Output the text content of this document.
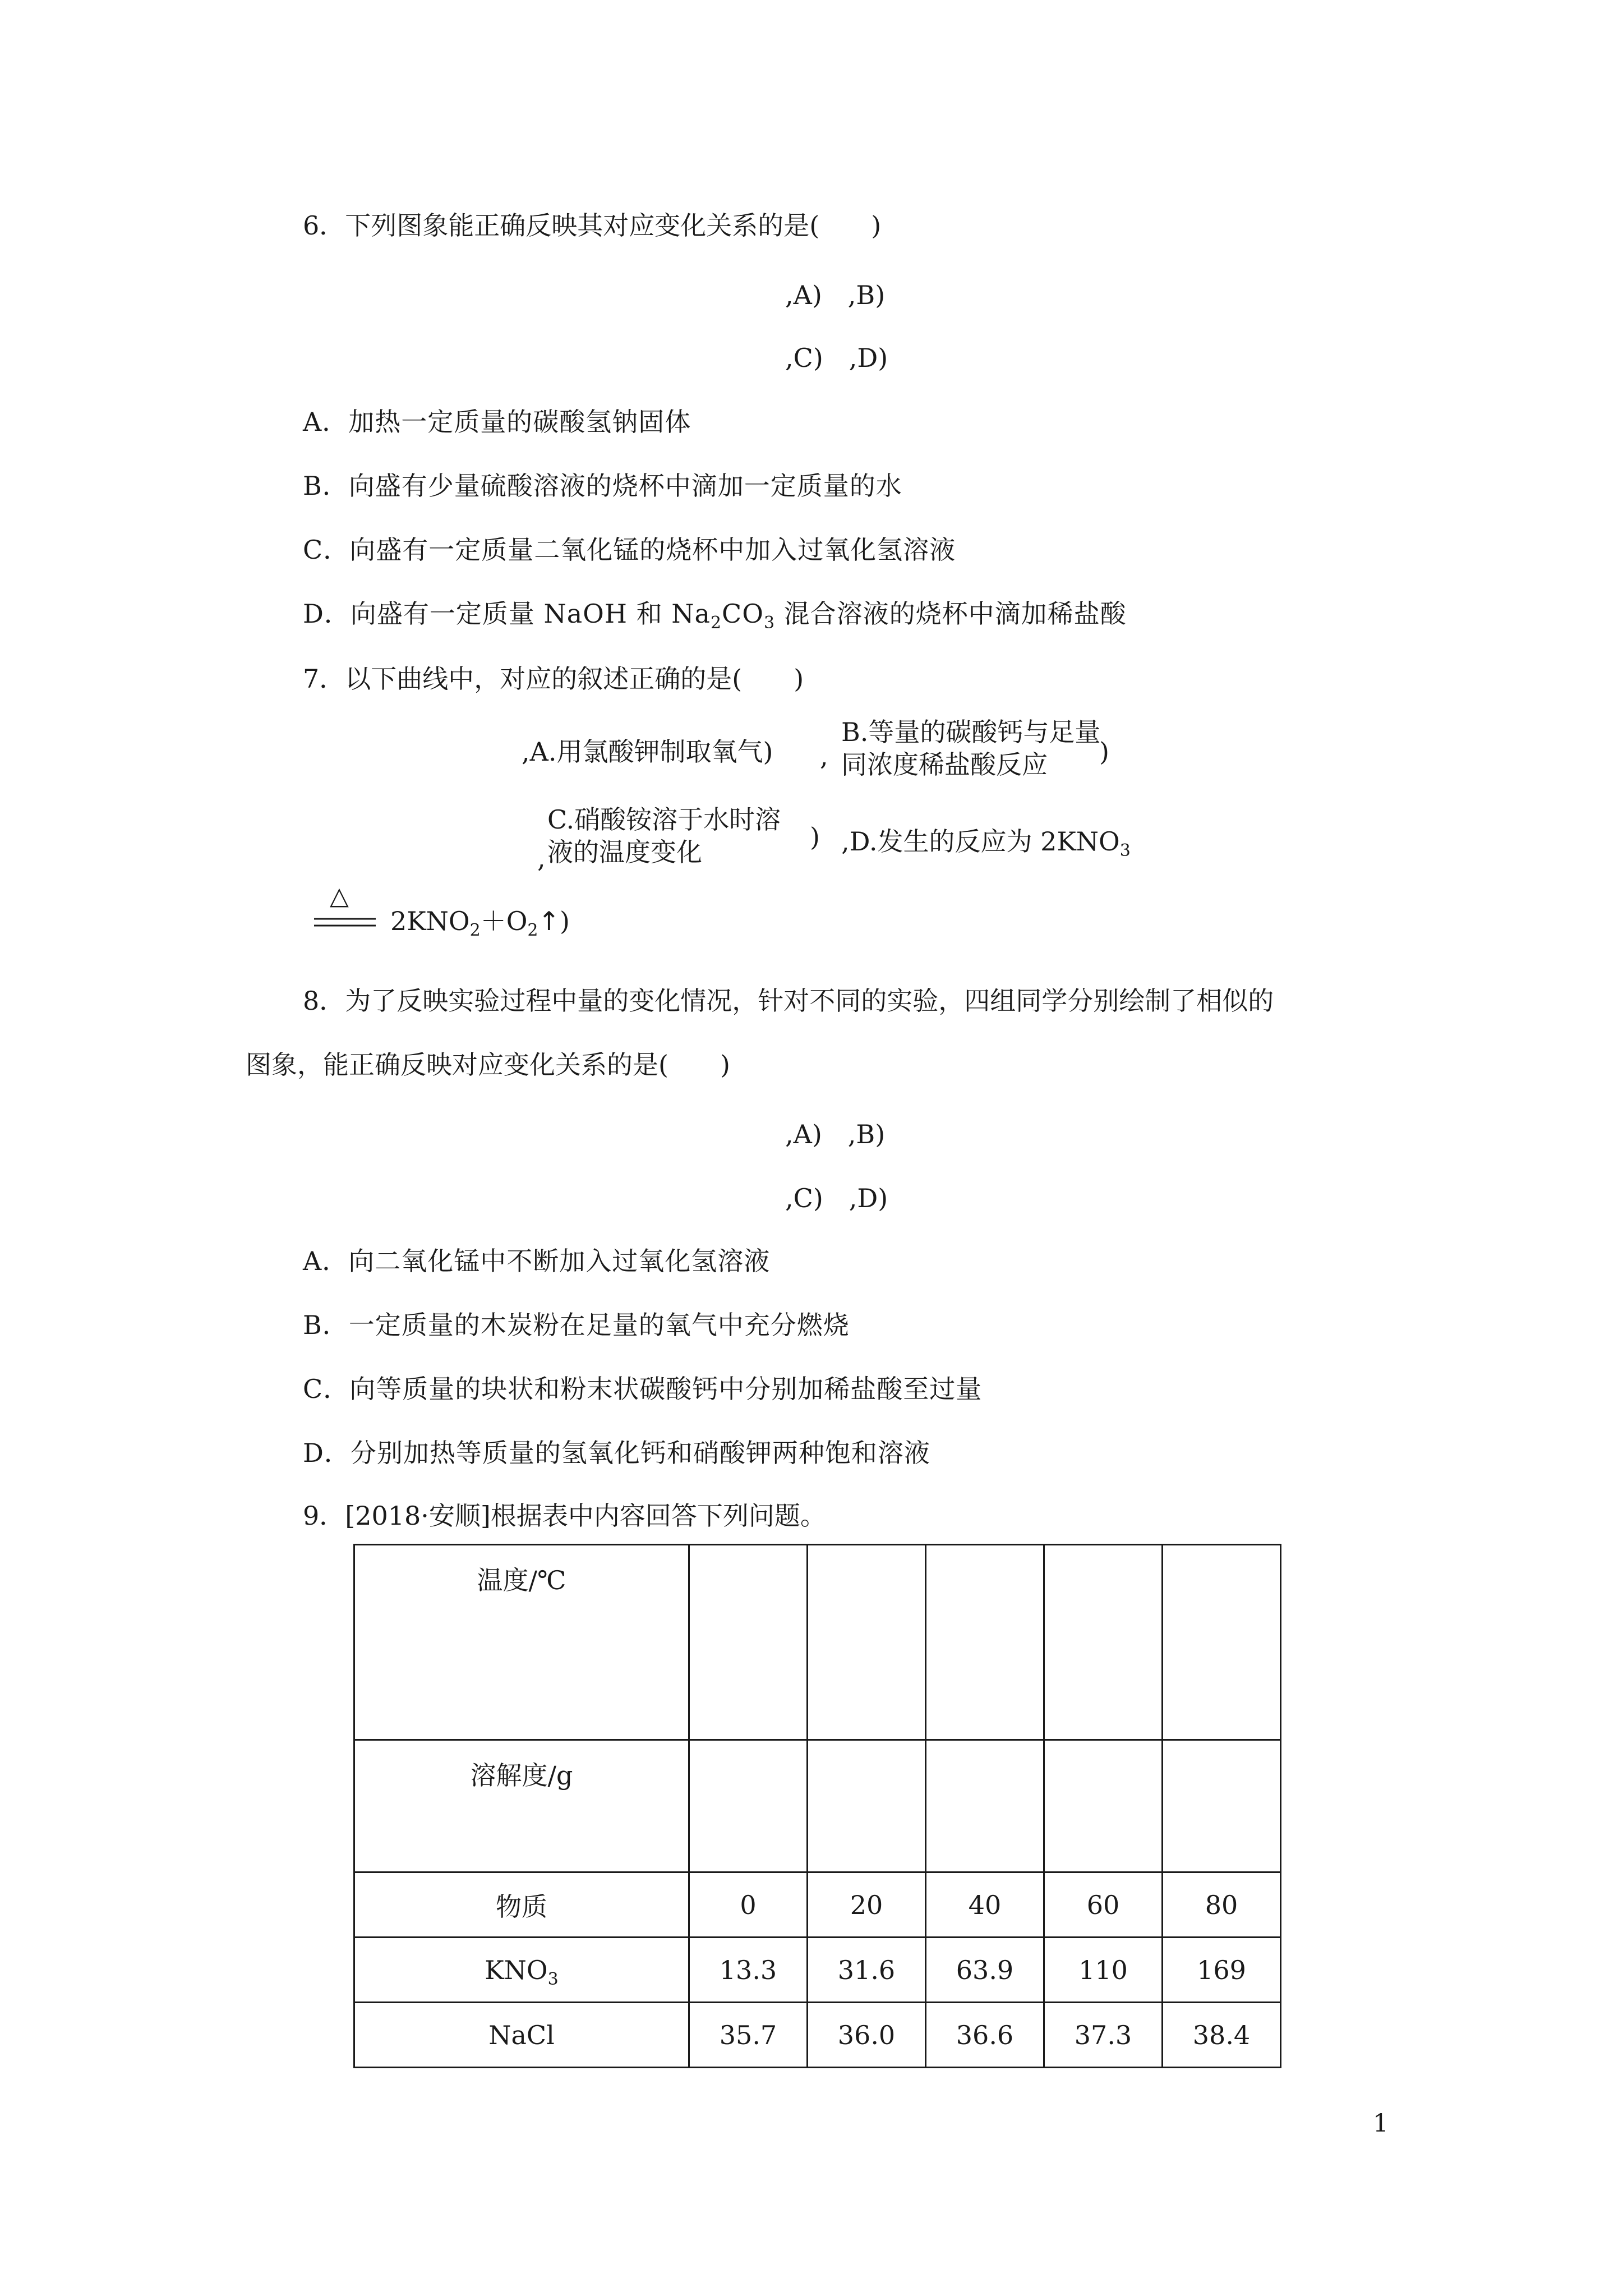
6．下列图象能正确反映其对应变化关系的是(　　)
,A)　,B)
,C)　,D)
A．加热一定质量的碳酸氢钠固体
B．向盛有少量硫酸溶液的烧杯中滴加一定质量的水
C．向盛有一定质量二氧化锰的烧杯中加入过氧化氢溶液
D．向盛有一定质量 NaOH 和 $Na_2CO_3$ 混合溶液的烧杯中滴加稀盐酸
7．以下曲线中，对应的叙述正确的是(　　)
,A.用氯酸钾制取氧气) ,
B.等量的碳酸钙与足量
同浓度稀盐酸反应	)
,
C.硝酸铵溶于水时溶
液的温度变化	) ,D.发生的反应为 $2KNO_3$
△
$2KNO_2+O_2↑$)
8．为了反映实验过程中量的变化情况，针对不同的实验，四组同学分别绘制了相似的
图象，能正确反映对应变化关系的是(　　)
,A)　,B)
,C)　,D)
A．向二氧化锰中不断加入过氧化氢溶液
B．一定质量的木炭粉在足量的氧气中充分燃烧
C．向等质量的块状和粉末状碳酸钙中分别加稀盐酸至过量
D．分别加热等质量的氢氧化钙和硝酸钾两种饱和溶液
9．[2018·安顺]根据表中内容回答下列问题。
温度/℃					
溶解度/g					
物质	0	20	40	60	80
$KNO_3$	13.3	31.6	63.9	110	169
NaCl	35.7	36.0	36.6	37.3	38.4
1
